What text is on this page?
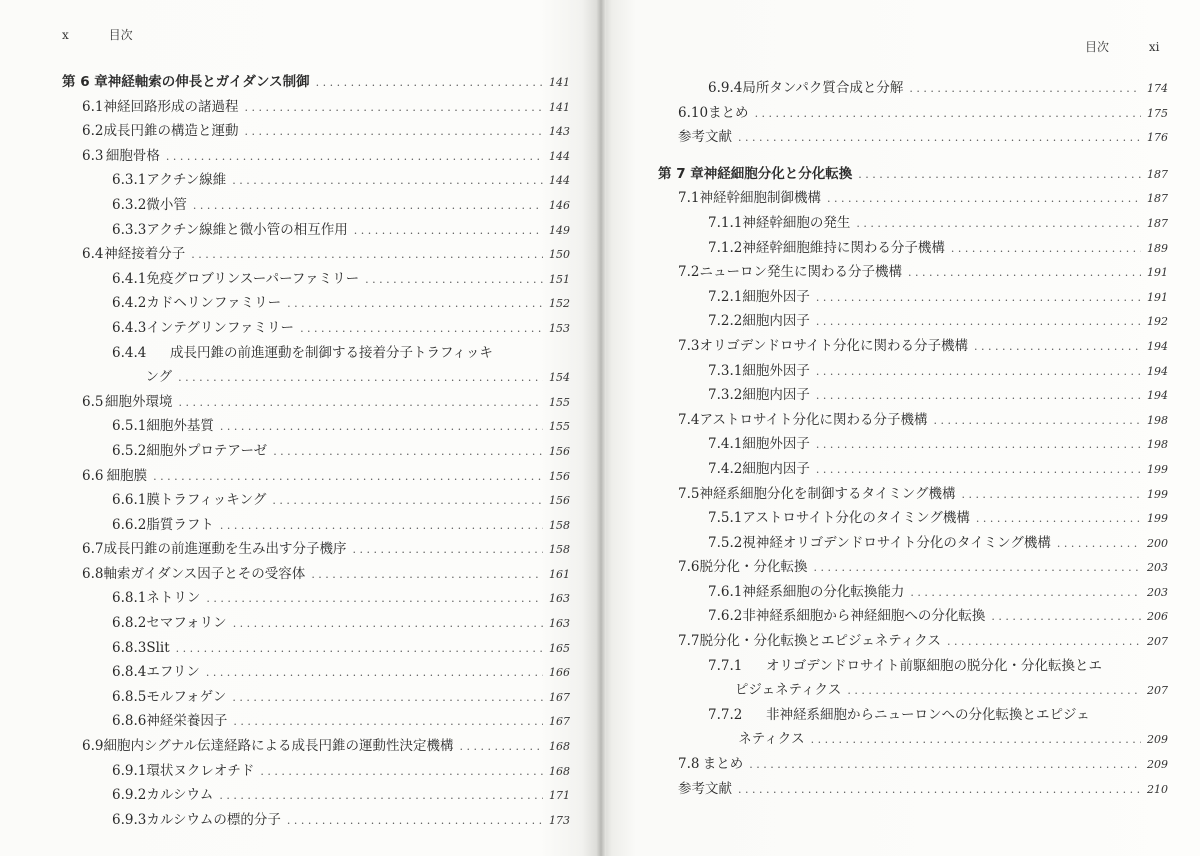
x	目次
第 6 章 神経軸索の伸長とガイダンス制御 . . .	141
6.1 神経回路形成の諸過程 . . .	141
6.2 成長円錐の構造と運動 . . .	143
6.3 細胞骨格 . . .	144
6.3.1 アクチン線維 . . .	144
6.3.2 微小管 . . .	146
6.3.3 アクチン線維と微小管の相互作用 . . .	149
6.4 神経接着分子 . . .	150
6.4.1 免疫グロブリンスーパーファミリー . . .	151
6.4.2 カドヘリンファミリー . . .	152
6.4.3 インテグリンファミリー . . .	153
6.4.4	成長円錐の前進運動を制御する接着分子トラフィッキ
ング . . .	154
6.5 細胞外環境 . . .	155
6.5.1 細胞外基質 . . .	155
6.5.2 細胞外プロテアーゼ . . .	156
6.6 細胞膜 . . .	156
6.6.1 膜トラフィッキング . . .	156
6.6.2 脂質ラフト . . .	158
6.7 成長円錐の前進運動を生み出す分子機序 . . .	158
6.8 軸索ガイダンス因子とその受容体 . . .	161
6.8.1 ネトリン . . .	163
6.8.2 セマフォリン . . .	163
6.8.3 Slit . . .	165
6.8.4 エフリン . . .	166
6.8.5 モルフォゲン . . .	167
6.8.6 神経栄養因子 . . .	167
6.9 細胞内シグナル伝達経路による成長円錐の運動性決定機構 . . .	168
6.9.1 環状ヌクレオチド . . .	168
6.9.2 カルシウム . . .	171
6.9.3 カルシウムの標的分子 . . .	173
目次	xi
6.9.4 局所タンパク質合成と分解 . . .	174
6.10 まとめ . . .	175
参考文献 . . .	176
第 7 章 神経細胞分化と分化転換 . . .	187
7.1 神経幹細胞制御機構 . . .	187
7.1.1 神経幹細胞の発生 . . .	187
7.1.2 神経幹細胞維持に関わる分子機構 . . .	189
7.2 ニューロン発生に関わる分子機構 . . .	191
7.2.1 細胞外因子 . . .	191
7.2.2 細胞内因子 . . .	192
7.3 オリゴデンドロサイト分化に関わる分子機構 . . .	194
7.3.1 細胞外因子 . . .	194
7.3.2 細胞内因子 . . .	194
7.4 アストロサイト分化に関わる分子機構 . . .	198
7.4.1 細胞外因子 . . .	198
7.4.2 細胞内因子 . . .	199
7.5 神経系細胞分化を制御するタイミング機構 . . .	199
7.5.1 アストロサイト分化のタイミング機構 . . .	199
7.5.2 視神経オリゴデンドロサイト分化のタイミング機構 . . .	200
7.6 脱分化・分化転換 . . .	203
7.6.1 神経系細胞の分化転換能力 . . .	203
7.6.2 非神経系細胞から神経細胞への分化転換 . . .	206
7.7 脱分化・分化転換とエピジェネティクス . . .	207
7.7.1	オリゴデンドロサイト前駆細胞の脱分化・分化転換とエ
ピジェネティクス . . .	207
7.7.2	非神経系細胞からニューロンへの分化転換とエピジェ
ネティクス . . .	209
7.8 まとめ . . .	209
参考文献 . . .	210
